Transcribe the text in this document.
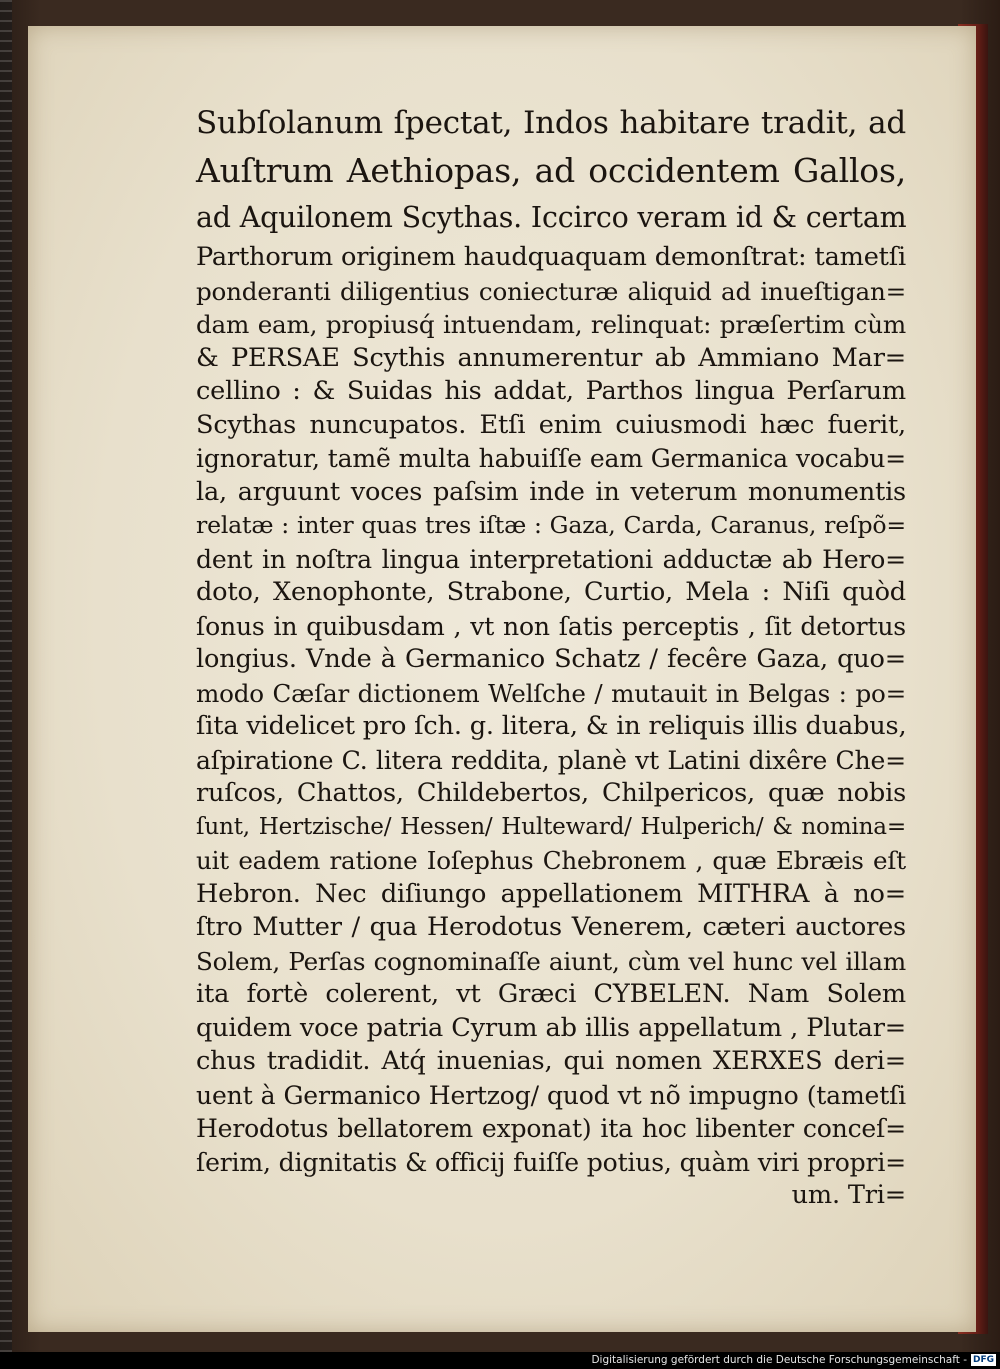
Subſolanum ſpectat, Indos habitare tradit, ad
Auſtrum Aethiopas, ad occidentem Gallos,
ad Aquilonem Scythas. Iccirco veram id & certam
Parthorum originem haudquaquam demonſtrat: tametſi
ponderanti diligentius coniecturæ aliquid ad inueſtigan=
dam eam, propiusq́ intuendam, relinquat: præſertim cùm
& PERSAE Scythis annumerentur ab Ammiano Mar=
cellino : & Suidas his addat, Parthos lingua Perſarum
Scythas nuncupatos. Etſi enim cuiusmodi hæc fuerit,
ignoratur, tamẽ multa habuiſſe eam Germanica vocabu=
la, arguunt voces paſsim inde in veterum monumentis
relatæ : inter quas tres iſtæ : Gaza, Carda, Caranus, reſpõ=
dent in noſtra lingua interpretationi adductæ ab Hero=
doto, Xenophonte, Strabone, Curtio, Mela : Niſi quòd
ſonus in quibusdam , vt non ſatis perceptis , ſit detortus
longius. Vnde à Germanico Schatz / fecêre Gaza, quo=
modo Cæſar dictionem Welſche / mutauit in Belgas : po=
ſita videlicet pro ſch. g. litera, & in reliquis illis duabus,
aſpiratione C. litera reddita, planè vt Latini dixêre Che=
ruſcos, Chattos, Childebertos, Chilpericos, quæ nobis
ſunt, Hertzische/ Hessen/ Hulteward/ Hulperich/ & nomina=
uit eadem ratione Ioſephus Chebronem , quæ Ebræis eſt
Hebron. Nec diſiungo appellationem MITHRA à no=
ſtro Mutter / qua Herodotus Venerem, cæteri auctores
Solem, Perſas cognominaſſe aiunt, cùm vel hunc vel illam
ita fortè colerent, vt Græci CYBELEN. Nam Solem
quidem voce patria Cyrum ab illis appellatum , Plutar=
chus tradidit. Atq́ inuenias, qui nomen XERXES deri=
uent à Germanico Hertzog/ quod vt nõ impugno (tametſi
Herodotus bellatorem exponat) ita hoc libenter conceſ=
ſerim, dignitatis & officij fuiſſe potius, quàm viri propri=
um. Tri=
Digitalisierung gefördert durch die Deutsche Forschungsgemeinschaft - DFG
